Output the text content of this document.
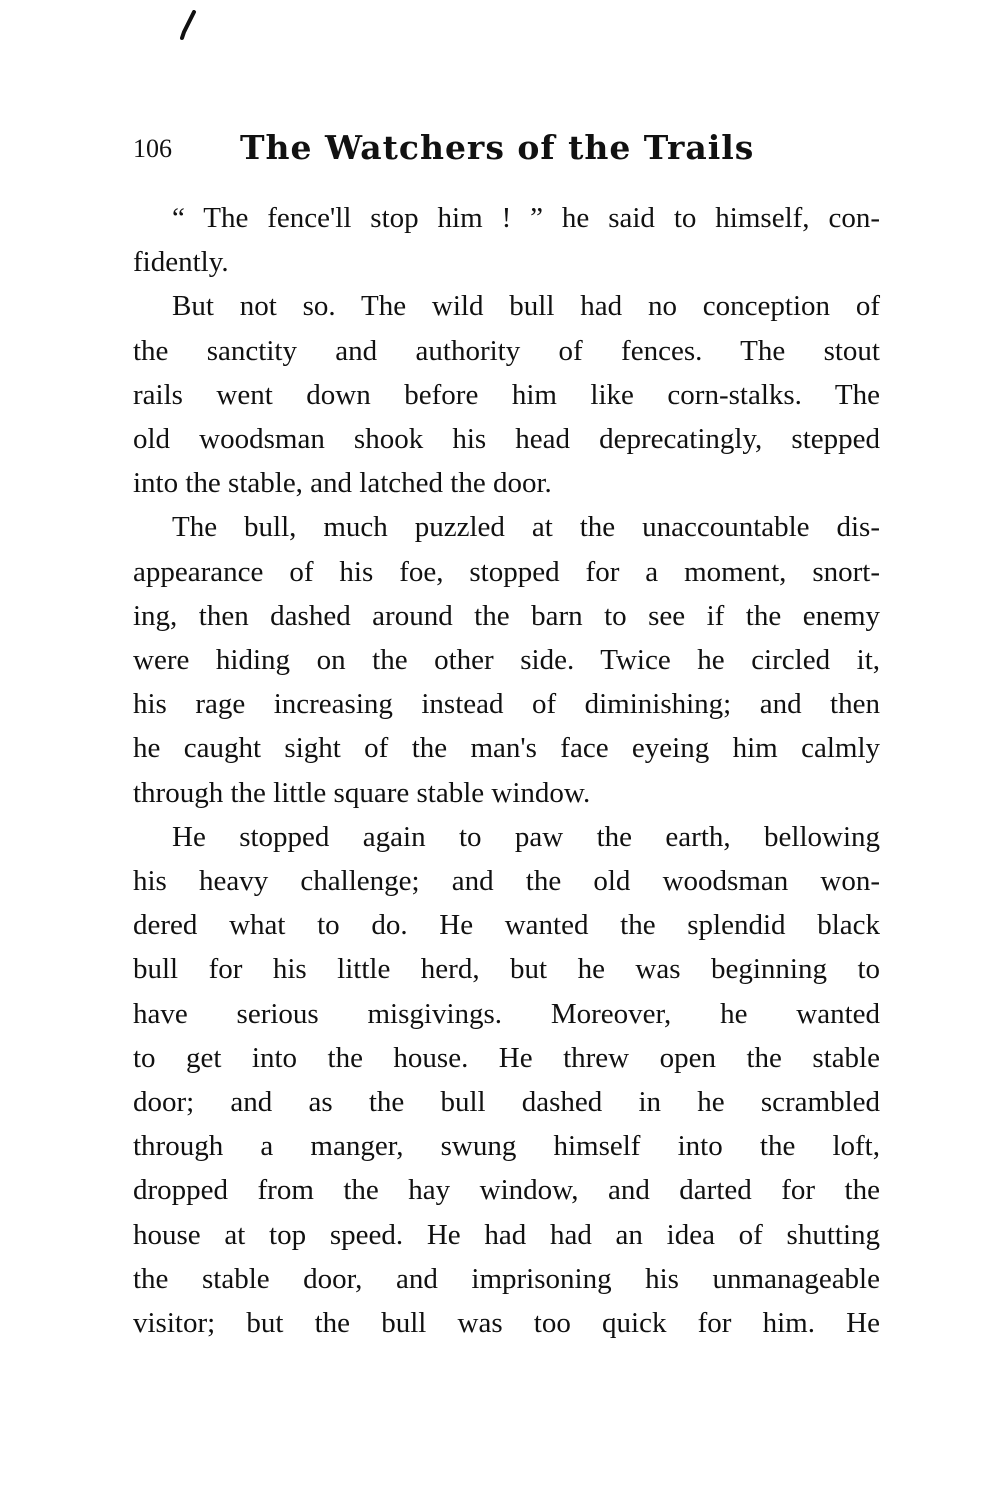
106 The Watchers of the Trails
“ The fence'll stop him ! ” he said to himself, con-
fidently.
But not so. The wild bull had no conception of
the sanctity and authority of fences. The stout
rails went down before him like corn-stalks. The
old woodsman shook his head deprecatingly, stepped
into the stable, and latched the door.
The bull, much puzzled at the unaccountable dis-
appearance of his foe, stopped for a moment, snort-
ing, then dashed around the barn to see if the enemy
were hiding on the other side. Twice he circled it,
his rage increasing instead of diminishing; and then
he caught sight of the man's face eyeing him calmly
through the little square stable window.
He stopped again to paw the earth, bellowing
his heavy challenge; and the old woodsman won-
dered what to do. He wanted the splendid black
bull for his little herd, but he was beginning to
have serious misgivings. Moreover, he wanted
to get into the house. He threw open the stable
door; and as the bull dashed in he scrambled
through a manger, swung himself into the loft,
dropped from the hay window, and darted for the
house at top speed. He had had an idea of shutting
the stable door, and imprisoning his unmanageable
visitor; but the bull was too quick for him. He
